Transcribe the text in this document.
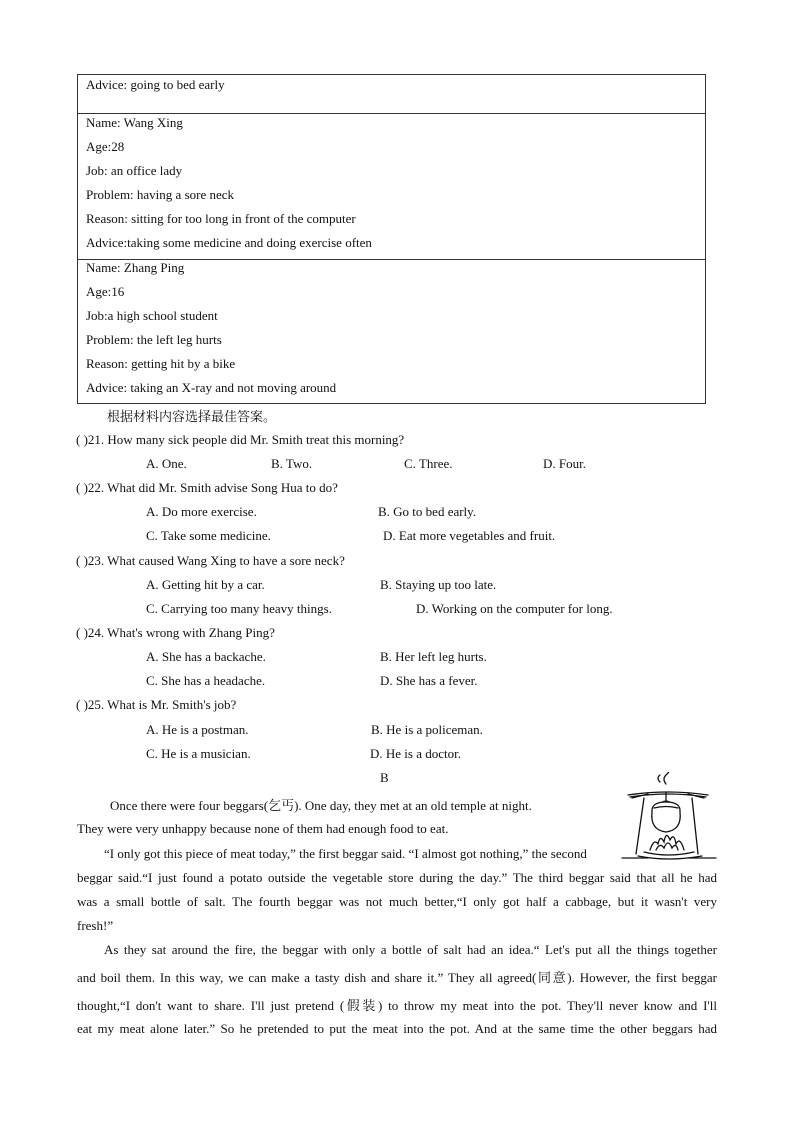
Advice: going to bed early
Name: Wang Xing
Age:28
Job: an office lady
Problem: having a sore neck
Reason: sitting for too long in front of the computer
Advice:taking some medicine and doing exercise often
Name: Zhang Ping
Age:16
Job:a high school student
Problem: the left leg hurts
Reason: getting hit by a bike
Advice: taking an X-ray and not moving around
根据材料内容选择最佳答案。
( )21. How many sick people did Mr. Smith treat this morning?
A. One.	B. Two.	C. Three.	D. Four.
( )22. What did Mr. Smith advise Song Hua to do?
A. Do more exercise.	B. Go to bed early.
C. Take some medicine.	D. Eat more vegetables and fruit.
( )23. What caused Wang Xing to have a sore neck?
A. Getting hit by a car.	B. Staying up too late.
C. Carrying too many heavy things.	D. Working on the computer for long.
( )24. What's wrong with Zhang Ping?
A. She has a backache.	B. Her left leg hurts.
C. She has a headache.	D. She has a fever.
( )25. What is Mr. Smith's job?
A. He is a postman.	B. He is a policeman.
C. He is a musician.	D. He is a doctor.
B
Once there were four beggars(乞丐). One day, they met at an old temple at night.
They were very unhappy because none of them had enough food to eat.
“I only got this piece of meat today,” the first beggar said. “I almost got nothing,” the second
beggar said.“I just found a potato outside the vegetable store during the day.” The third beggar said that all he had
was a small bottle of salt. The fourth beggar was not much better,“I only got half a cabbage, but it wasn't very
fresh!”
As they sat around the fire, the beggar with only a bottle of salt had an idea.“ Let's put all the things together
and boil them. In this way, we can make a tasty dish and share it.” They all agreed(同意). However, the first beggar
thought,“I don't want to share. I'll just pretend (假装) to throw my meat into the pot. They'll never know and I'll
eat my meat alone later.” So he pretended to put the meat into the pot. And at the same time the other beggars had
